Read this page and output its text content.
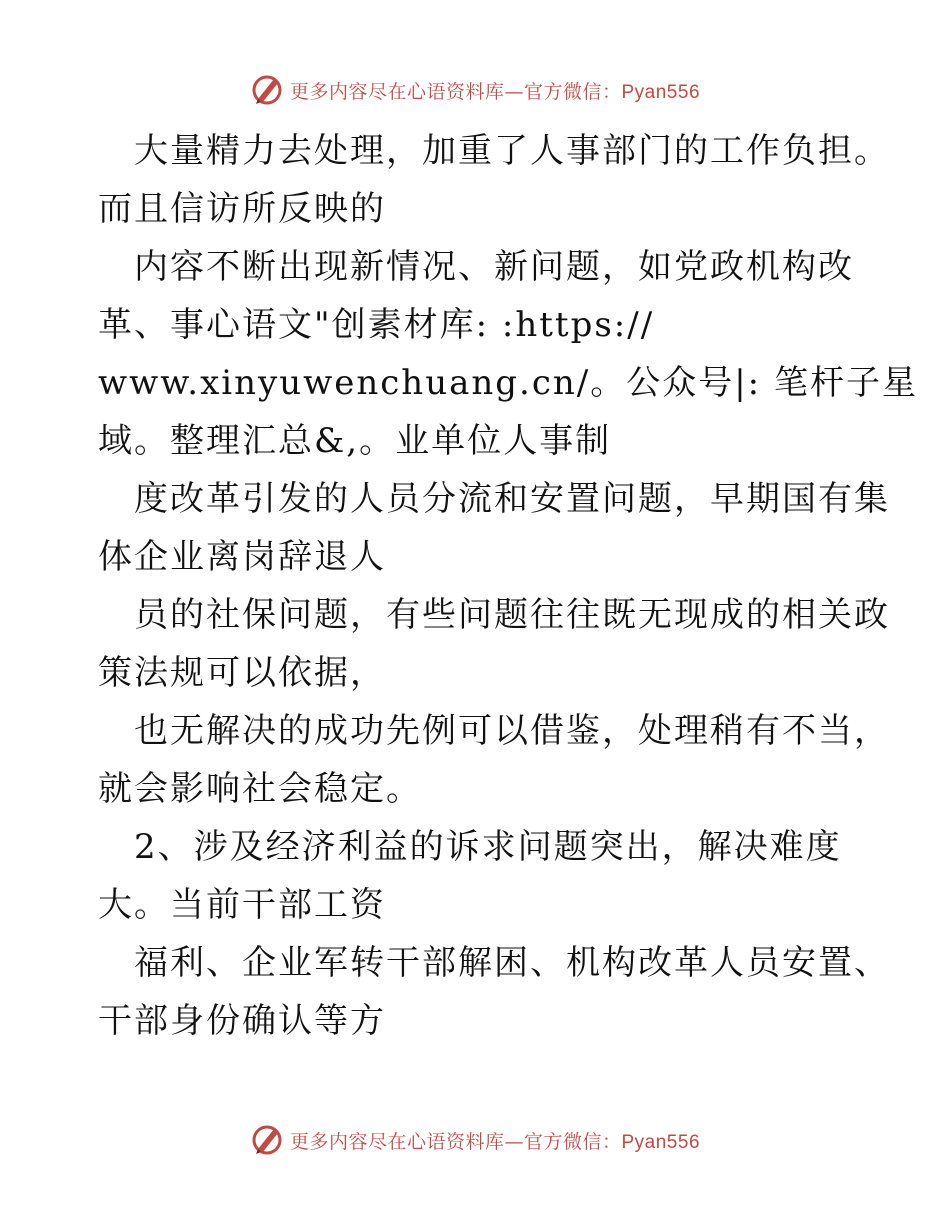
更多内容尽在心语资料库—官方微信：Pyan556
大量精力去处理，加重了人事部门的工作负担。
而且信访所反映的
内容不断出现新情况、新问题，如党政机构改
革、事心语文"创素材库: :https://
www.xinyuwenchuang.cn/。公众号|: 笔杆子星
域。整理汇总&,。业单位人事制
度改革引发的人员分流和安置问题，早期国有集
体企业离岗辞退人
员的社保问题，有些问题往往既无现成的相关政
策法规可以依据，
也无解决的成功先例可以借鉴，处理稍有不当，
就会影响社会稳定。
2、涉及经济利益的诉求问题突出，解决难度
大。当前干部工资
福利、企业军转干部解困、机构改革人员安置、
干部身份确认等方
更多内容尽在心语资料库—官方微信：Pyan556
